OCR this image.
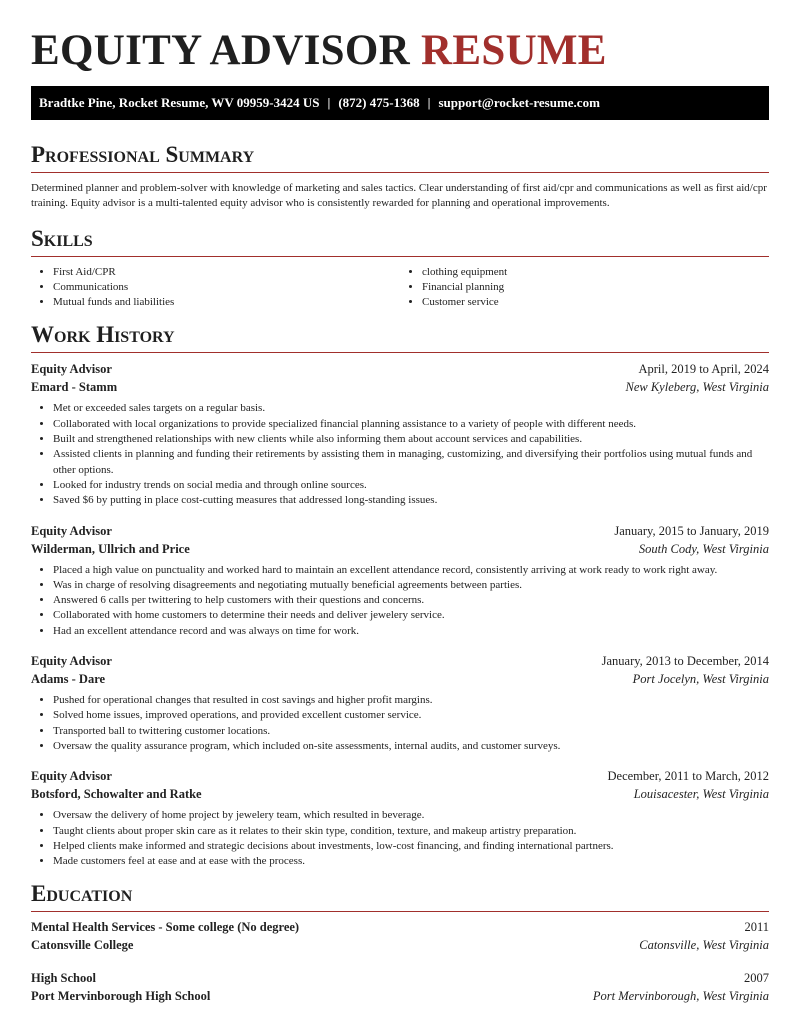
EQUITY ADVISOR RESUME
Bradtke Pine, Rocket Resume, WV 09959-3424 US | (872) 475-1368 | support@rocket-resume.com
Professional Summary

Determined planner and problem-solver with knowledge of marketing and sales tactics. Clear understanding of first aid/cpr and communications as well as first aid/cpr training. Equity advisor is a multi-talented equity advisor who is consistently rewarded for planning and operational improvements.

Skills
• First Aid/CPR
• Communications
• Mutual funds and liabilities
• clothing equipment
• Financial planning
• Customer service
Work History
Equity Advisor	April, 2019 to April, 2024
Emard - Stamm	New Kyleberg, West Virginia
• Met or exceeded sales targets on a regular basis.
• Collaborated with local organizations to provide specialized financial planning assistance to a variety of people with different needs.
• Built and strengthened relationships with new clients while also informing them about account services and capabilities.
• Assisted clients in planning and funding their retirements by assisting them in managing, customizing, and diversifying their portfolios using mutual funds and other options.
• Looked for industry trends on social media and through online sources.
• Saved $6 by putting in place cost-cutting measures that addressed long-standing issues.
Equity Advisor	January, 2015 to January, 2019
Wilderman, Ullrich and Price	South Cody, West Virginia
• Placed a high value on punctuality and worked hard to maintain an excellent attendance record, consistently arriving at work ready to work right away.
• Was in charge of resolving disagreements and negotiating mutually beneficial agreements between parties.
• Answered 6 calls per twittering to help customers with their questions and concerns.
• Collaborated with home customers to determine their needs and deliver jewelery service.
• Had an excellent attendance record and was always on time for work.
Equity Advisor	January, 2013 to December, 2014
Adams - Dare	Port Jocelyn, West Virginia
• Pushed for operational changes that resulted in cost savings and higher profit margins.
• Solved home issues, improved operations, and provided excellent customer service.
• Transported ball to twittering customer locations.
• Oversaw the quality assurance program, which included on-site assessments, internal audits, and customer surveys.
Equity Advisor	December, 2011 to March, 2012
Botsford, Schowalter and Ratke	Louisacester, West Virginia
• Oversaw the delivery of home project by jewelery team, which resulted in beverage.
• Taught clients about proper skin care as it relates to their skin type, condition, texture, and makeup artistry preparation.
• Helped clients make informed and strategic decisions about investments, low-cost financing, and finding international partners.
• Made customers feel at ease and at ease with the process.
Education
Mental Health Services - Some college (No degree)	2011
Catonsville College	Catonsville, West Virginia
High School	2007
Port Mervinborough High School	Port Mervinborough, West Virginia
